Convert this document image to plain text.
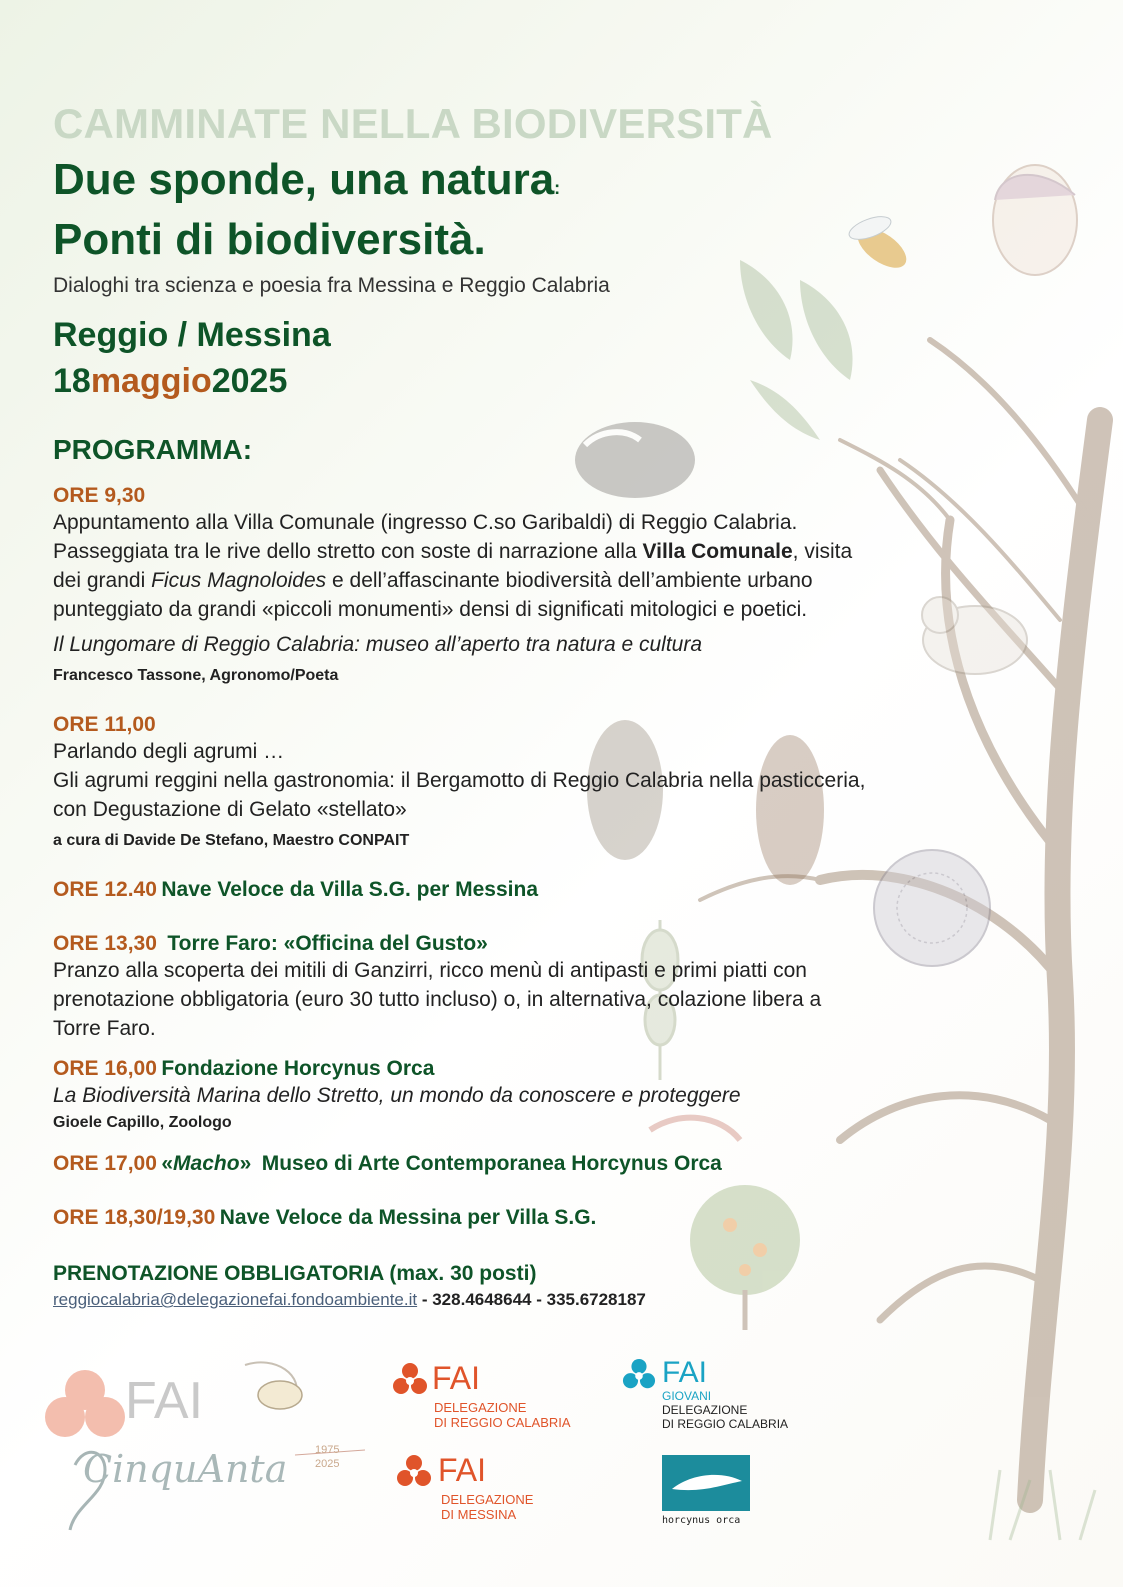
CAMMINATE NELLA BIODIVERSITÀ
Due sponde, una natura:
Ponti di biodiversità.
Dialoghi tra scienza e poesia fra Messina e Reggio Calabria
Reggio / Messina
18maggio2025
PROGRAMMA:
ORE 9,30
Appuntamento alla Villa Comunale (ingresso C.so Garibaldi) di Reggio Calabria.
Passeggiata tra le rive dello stretto con soste di narrazione alla Villa Comunale, visita
dei grandi Ficus Magnoloides e dell’affascinante biodiversità dell’ambiente urbano
punteggiato da grandi «piccoli monumenti» densi di significati mitologici e poetici.
Il Lungomare di Reggio Calabria: museo all’aperto tra natura e cultura
Francesco Tassone, Agronomo/Poeta
ORE 11,00
Parlando degli agrumi …
Gli agrumi reggini nella gastronomia: il Bergamotto di Reggio Calabria nella pasticceria,
con Degustazione di Gelato «stellato»
a cura di Davide De Stefano, Maestro CONPAIT
ORE 12.40 Nave Veloce da Villa S.G. per Messina
ORE 13,30 Torre Faro: «Officina del Gusto»
Pranzo alla scoperta dei mitili di Ganzirri, ricco menù di antipasti e primi piatti con
prenotazione obbligatoria (euro 30 tutto incluso) o, in alternativa, colazione libera a
Torre Faro.
ORE 16,00 Fondazione Horcynus Orca
La Biodiversità Marina dello Stretto, un mondo da conoscere e proteggere
Gioele Capillo, Zoologo
ORE 17,00 «Macho» Museo di Arte Contemporanea Horcynus Orca
ORE 18,30/19,30 Nave Veloce da Messina per Villa S.G.
PRENOTAZIONE OBBLIGATORIA (max. 30 posti)
reggiocalabria@delegazionefai.fondoambiente.it - 328.4648644 - 335.6728187
FAI
CinquAnta	1975 2025
FAI
DELEGAZIONE
DI REGGIO CALABRIA
FAI
DELEGAZIONE
DI MESSINA
FAI
GIOVANI
DELEGAZIONE
DI REGGIO CALABRIA
horcynus orca
